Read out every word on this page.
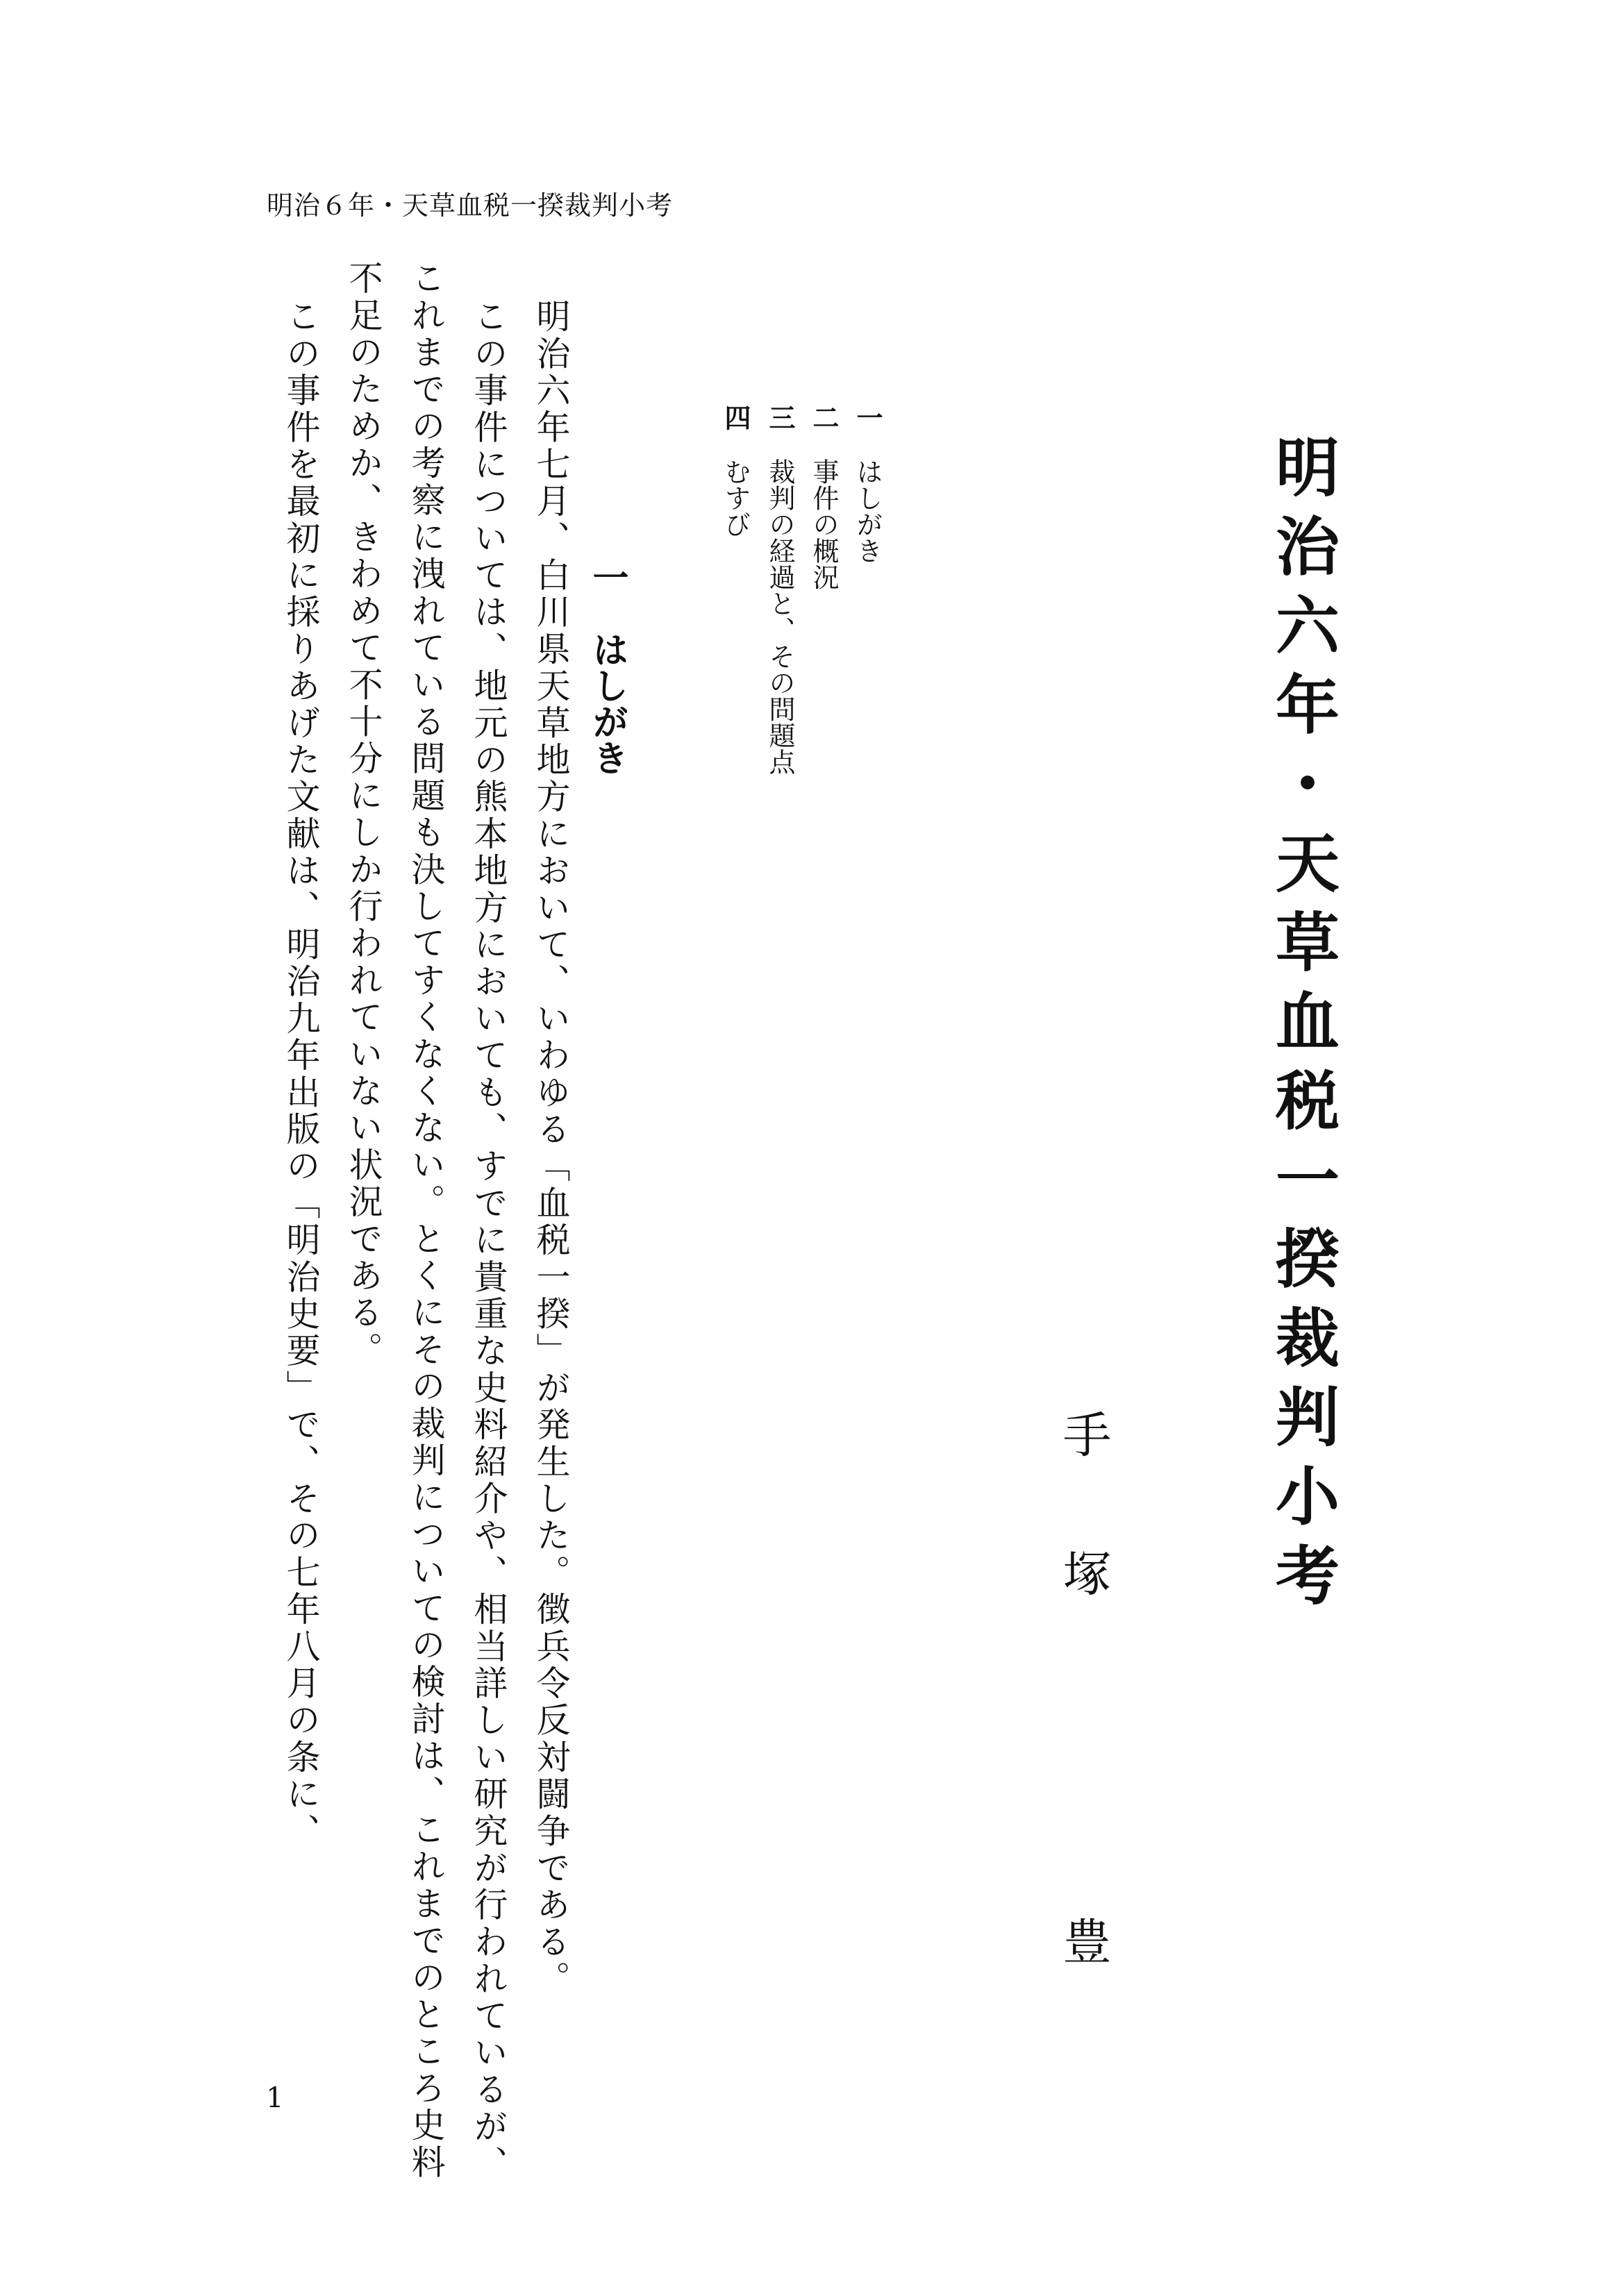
明治６年・天草血税一揆裁判小考

明治六年・天草血税一揆裁判小考
手
塚
豊
一
はしがき
二
事件の概況
三
裁判の経過と、その問題点
四
むすび
一
はしがき

明治六年七月、白川県天草地方において、いわゆる「血税一揆」が発生した。徴兵令反対闘争である。

この事件については、地元の熊本地方においても、すでに貴重な史料紹介や、相当詳しい研究が行われているが、

これまでの考察に洩れている問題も決してすくなくない。とくにその裁判についての検討は、これまでのところ史料

不足のためか、きわめて不十分にしか行われていない状況である。

この事件を最初に採りあげた文献は、明治九年出版の「明治史要」で、その七年八月の条に、

1
